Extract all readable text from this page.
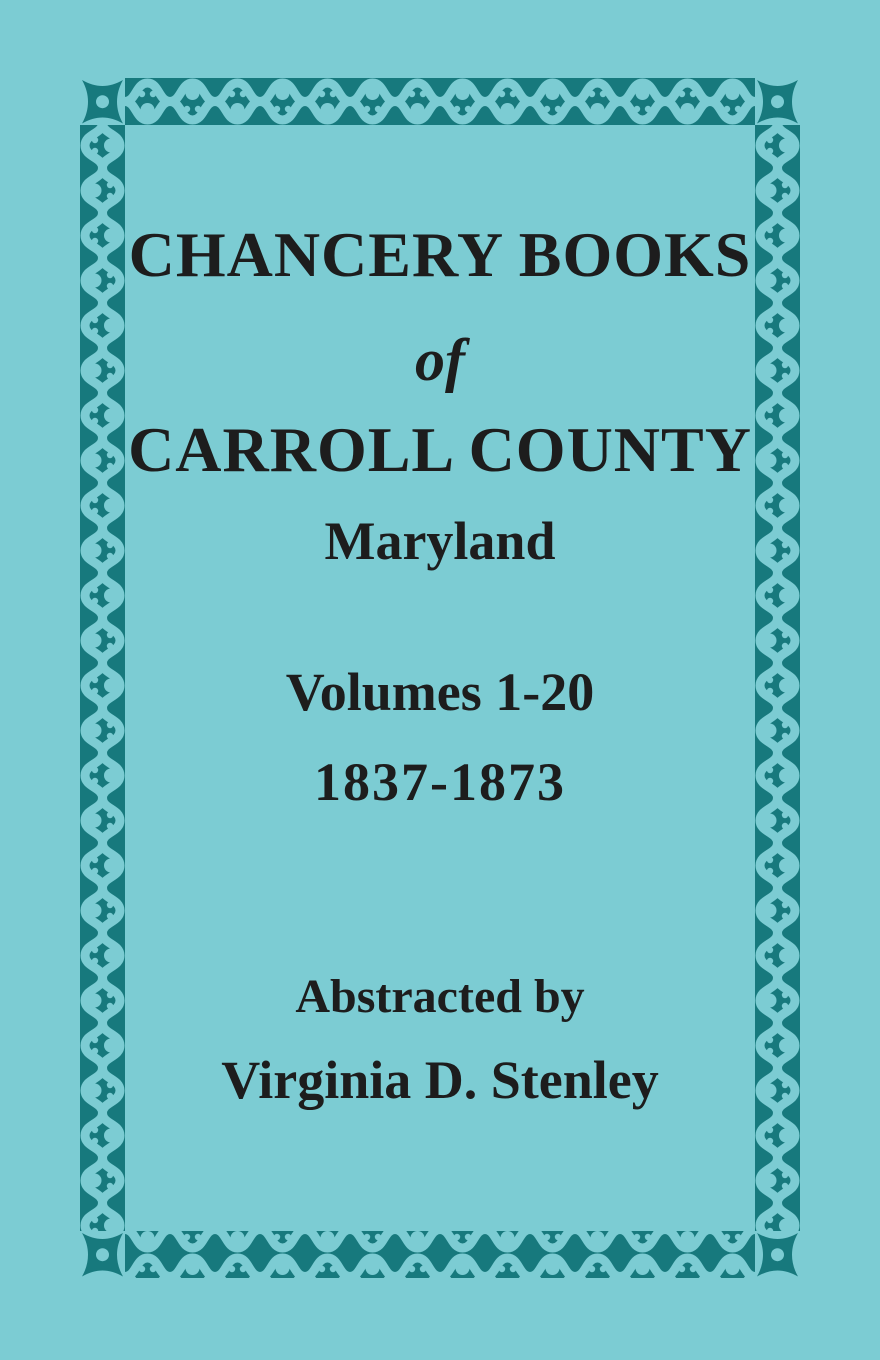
CHANCERY BOOKS
of
CARROLL COUNTY
Maryland
Volumes 1-20
1837-1873
Abstracted by
Virginia D. Stenley
